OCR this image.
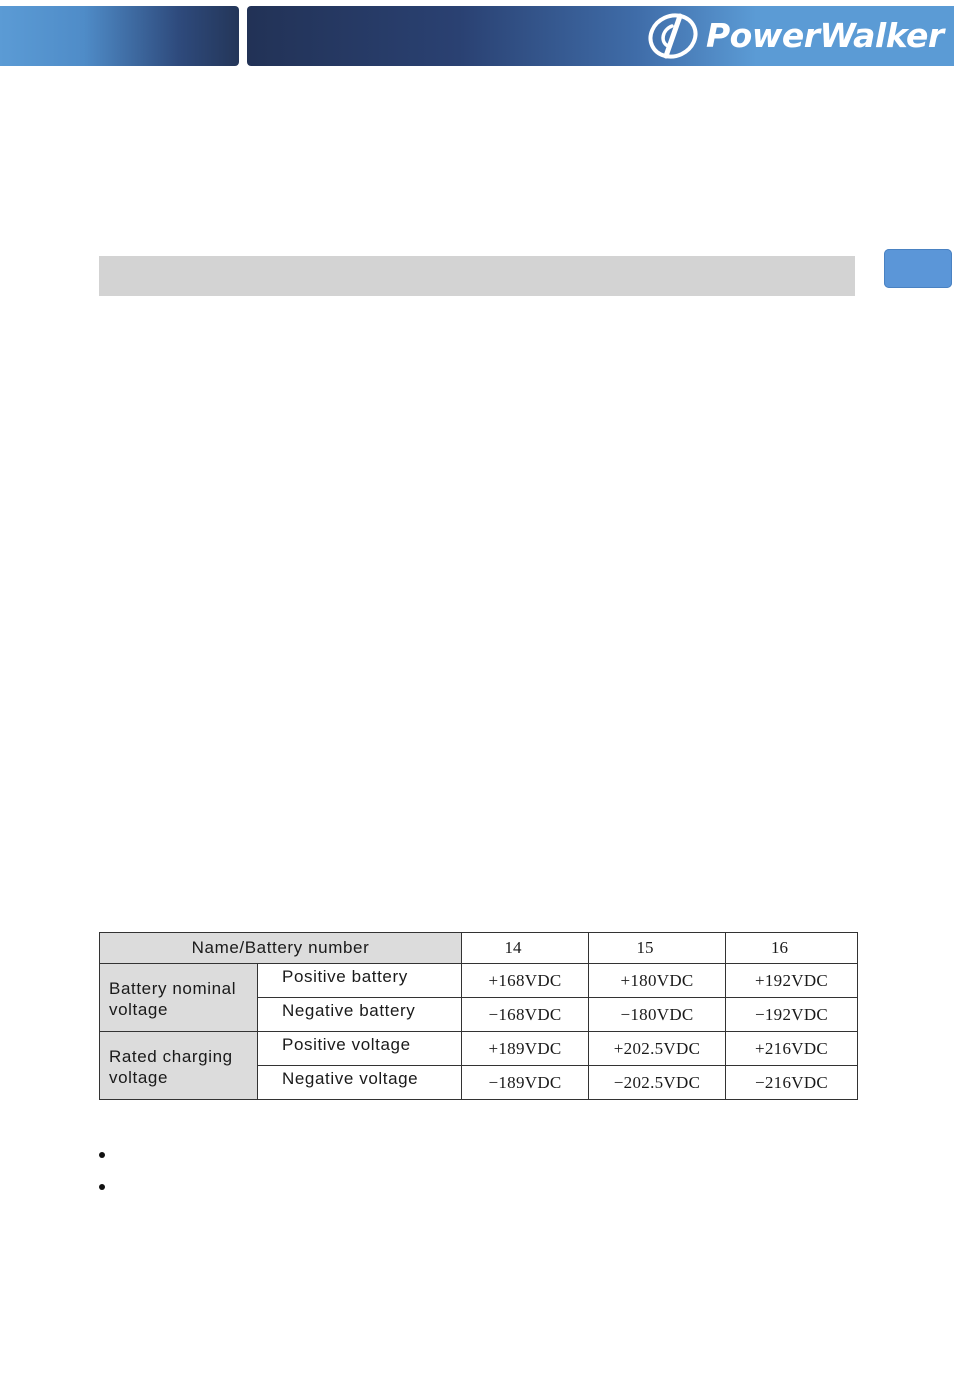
PowerWalker
Name/Battery number		14	15	16
Battery nominal voltage	Positive battery	+168VDC	+180VDC	+192VDC
	Negative battery	−168VDC	−180VDC	−192VDC
Rated charging voltage	Positive voltage	+189VDC	+202.5VDC	+216VDC
	Negative voltage	−189VDC	−202.5VDC	−216VDC
